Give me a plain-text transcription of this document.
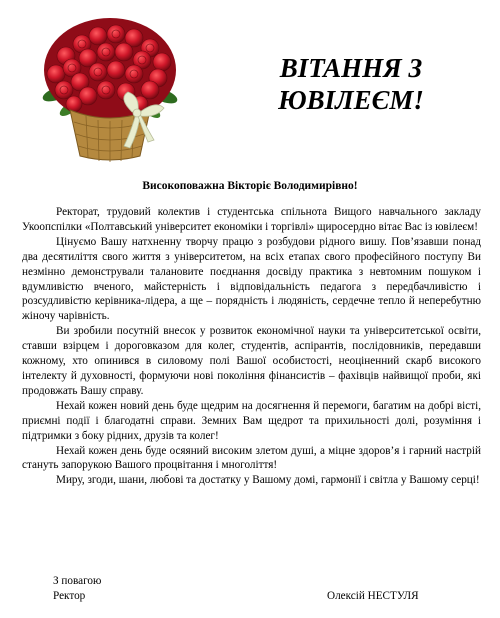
ВІТАННЯ З
ЮВІЛЕЄМ!
Високоповажна Вікторіє Володимирівно!

Ректорат, трудовий колектив і студентська спільнота Вищого навчального закладу Укоопспілки «Полтавський університет економіки і торгівлі» щиросердно вітає Вас із ювілеєм!

Цінуємо Вашу натхненну творчу працю з розбудови рідного вишу. Пов’язавши понад два десятиліття свого життя з університетом, на всіх етапах свого професійного поступу Ви незмінно демонстрували талановите поєднання досвіду практика з невтомним пошуком і вдумливістю вченого, майстерність і відповідальність педагога з передбачливістю і розсудливістю керівника-лідера, а ще – порядність і людяність, сердечне тепло й неперебутню жіночу чарівність.

Ви зробили посутній внесок у розвиток економічної науки та університетської освіти, ставши взірцем і дороговказом для колег, студентів, аспірантів, послідовників, передавши кожному, хто опинився в силовому полі Вашої особистості, неоціненний скарб високого інтелекту й духовності, формуючи нові покоління фінансистів – фахівців найвищої проби, які продовжать Вашу справу.

Нехай кожен новий день буде щедрим на досягнення й перемоги, багатим на добрі вісті, приємні події і благодатні справи. Земних Вам щедрот та прихильності долі, розуміння і підтримки з боку рідних, друзів та колег!

Нехай кожен день буде осяяний високим злетом душі, а міцне здоров’я і гарний настрій стануть запорукою Вашого процвітання і многоліття!

Миру, згоди, шани, любові та достатку у Вашому домі, гармонії і світла у Вашому серці!

З повагою
Ректор	Олексій НЕСТУЛЯ
